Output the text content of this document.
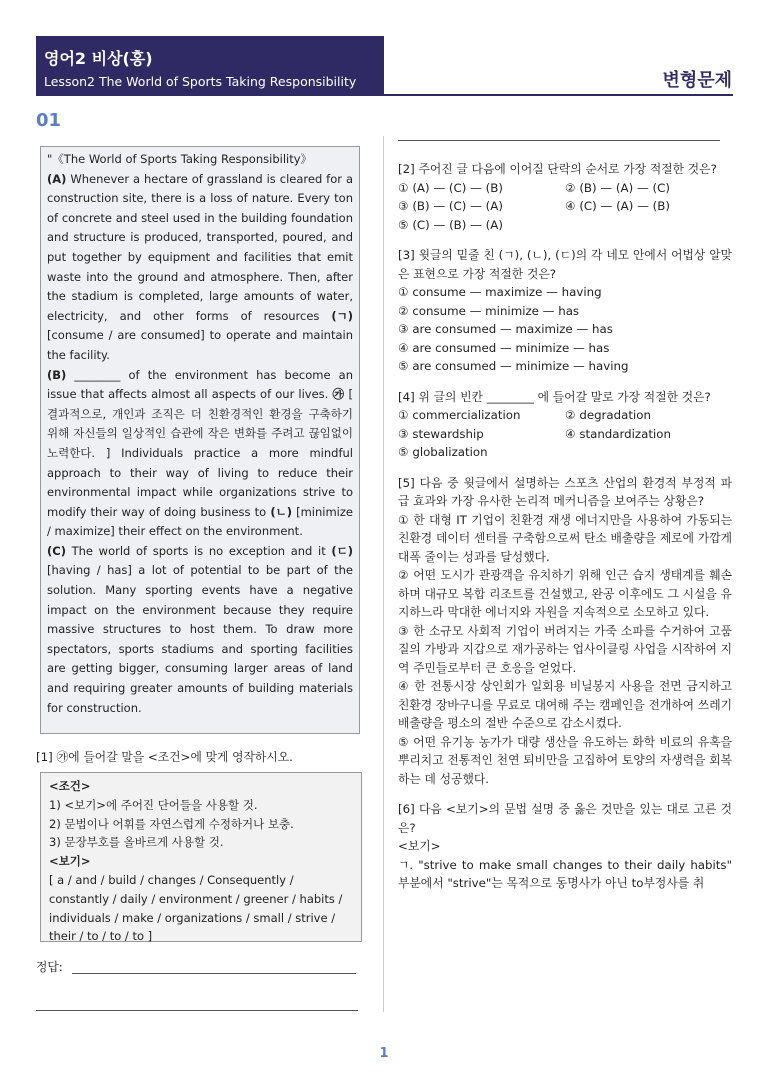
영어2 비상(홍)
Lesson2 The World of Sports Taking Responsibility	변형문제
01

"《The World of Sports Taking Responsibility》

(A) Whenever a hectare of grassland is cleared for a construction site, there is a loss of nature. Every ton of concrete and steel used in the building foundation and structure is produced, transported, poured, and put together by equipment and facilities that emit waste into the ground and atmosphere. Then, after the stadium is completed, large amounts of water, electricity, and other forms of resources (ㄱ) [consume / are consumed] to operate and maintain the facility.

(B) ________ of the environment has become an issue that affects almost all aspects of our lives. ㉮ [ 결과적으로, 개인과 조직은 더 친환경적인 환경을 구축하기 위해 자신들의 일상적인 습관에 작은 변화를 주려고 끊임없이 노력한다. ] Individuals practice a more mindful approach to their way of living to reduce their environmental impact while organizations strive to modify their way of doing business to (ㄴ) [minimize / maximize] their effect on the environment.

(C) The world of sports is no exception and it (ㄷ) [having / has] a lot of potential to be part of the solution. Many sporting events have a negative impact on the environment because they require massive structures to host them. To draw more spectators, sports stadiums and sporting facilities are getting bigger, consuming larger areas of land and requiring greater amounts of building materials for construction.

[1] ㉮에 들어갈 말을 <조건>에 맞게 영작하시오.
<조건>
1) <보기>에 주어진 단어들을 사용할 것.
2) 문법이나 어휘를 자연스럽게 수정하거나 보충.
3) 문장부호를 올바르게 사용할 것.
<보기>
[ a / and / build / changes / Consequently /
constantly / daily / environment / greener / habits /
individuals / make / organizations / small / strive /
their / to / to / to ]
정답:
[2] 주어진 글 다음에 이어질 단락의 순서로 가장 적절한 것은?
① (A) — (C) — (B)	② (B) — (A) — (C)
③ (B) — (C) — (A)	④ (C) — (A) — (B)
⑤ (C) — (B) — (A)
[3] 윗글의 밑줄 친 (ㄱ), (ㄴ), (ㄷ)의 각 네모 안에서 어법상 알맞은 표현으로 가장 적절한 것은?
① consume — maximize — having
② consume — minimize — has
③ are consumed — maximize — has
④ are consumed — minimize — has
⑤ are consumed — minimize — having
[4] 위 글의 빈칸 ________ 에 들어갈 말로 가장 적절한 것은?
① commercialization	② degradation
③ stewardship	④ standardization
⑤ globalization
[5] 다음 중 윗글에서 설명하는 스포츠 산업의 환경적 부정적 파급 효과와 가장 유사한 논리적 메커니즘을 보여주는 상황은?
① 한 대형 IT 기업이 친환경 재생 에너지만을 사용하여 가동되는 친환경 데이터 센터를 구축함으로써 탄소 배출량을 제로에 가깝게 대폭 줄이는 성과를 달성했다.
② 어떤 도시가 관광객을 유치하기 위해 인근 습지 생태계를 훼손하며 대규모 복합 리조트를 건설했고, 완공 이후에도 그 시설을 유지하느라 막대한 에너지와 자원을 지속적으로 소모하고 있다.
③ 한 소규모 사회적 기업이 버려지는 가죽 소파를 수거하여 고품질의 가방과 지갑으로 재가공하는 업사이클링 사업을 시작하여 지역 주민들로부터 큰 호응을 얻었다.
④ 한 전통시장 상인회가 일회용 비닐봉지 사용을 전면 금지하고 친환경 장바구니를 무료로 대여해 주는 캠페인을 전개하여 쓰레기 배출량을 평소의 절반 수준으로 감소시켰다.
⑤ 어떤 유기농 농가가 대량 생산을 유도하는 화학 비료의 유혹을 뿌리치고 전통적인 천연 퇴비만을 고집하여 토양의 자생력을 회복하는 데 성공했다.
[6] 다음 <보기>의 문법 설명 중 옳은 것만을 있는 대로 고른 것은?
<보기>
ㄱ. "strive to make small changes to their daily habits" 부분에서 "strive"는 목적으로 동명사가 아닌 to부정사를 취
1
